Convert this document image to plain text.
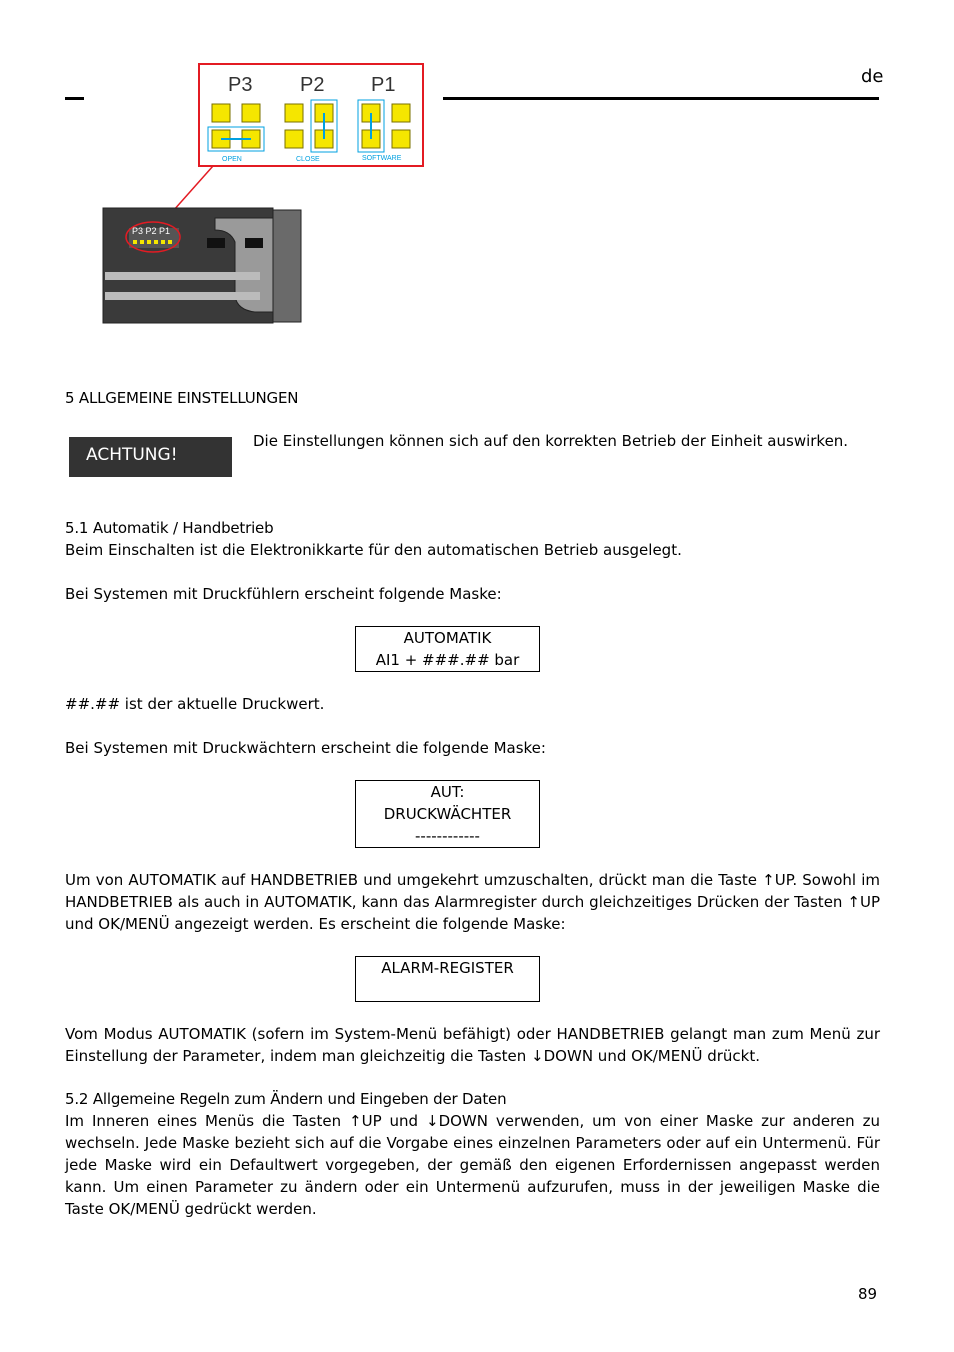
de
P3 P2 P1
OPEN	CLOSE	SOFTWARE
P3 P2 P1
5 ALLGEMEINE EINSTELLUNGEN
ACHTUNG!
Die Einstellungen können sich auf den korrekten Betrieb der Einheit auswirken.
5.1 Automatik / Handbetrieb
Beim Einschalten ist die Elektronikkarte für den automatischen Betrieb ausgelegt.
Bei Systemen mit Druckfühlern erscheint folgende Maske:
AUTOMATIK
AI1 + ###.## bar
##.## ist der aktuelle Druckwert.
Bei Systemen mit Druckwächtern erscheint die folgende Maske:
AUT:
DRUCKWÄCHTER
------------
Um von AUTOMATIK auf HANDBETRIEB und umgekehrt umzuschalten, drückt man die Taste ↑UP. Sowohl im HANDBETRIEB als auch in AUTOMATIK, kann das Alarmregister durch gleichzeitiges Drücken der Tasten ↑UP und OK/MENÜ angezeigt werden. Es erscheint die folgende Maske:
ALARM-REGISTER
Vom Modus AUTOMATIK (sofern im System-Menü befähigt) oder HANDBETRIEB gelangt man zum Menü zur Einstellung der Parameter, indem man gleichzeitig die Tasten ↓DOWN und OK/MENÜ drückt.
5.2 Allgemeine Regeln zum Ändern und Eingeben der Daten
Im Inneren eines Menüs die Tasten ↑UP und ↓DOWN verwenden, um von einer Maske zur anderen zu wechseln. Jede Maske bezieht sich auf die Vorgabe eines einzelnen Parameters oder auf ein Untermenü. Für jede Maske wird ein Defaultwert vorgegeben, der gemäß den eigenen Erfordernissen angepasst werden kann. Um einen Parameter zu ändern oder ein Untermenü aufzurufen, muss in der jeweiligen Maske die Taste OK/MENÜ gedrückt werden.
89
